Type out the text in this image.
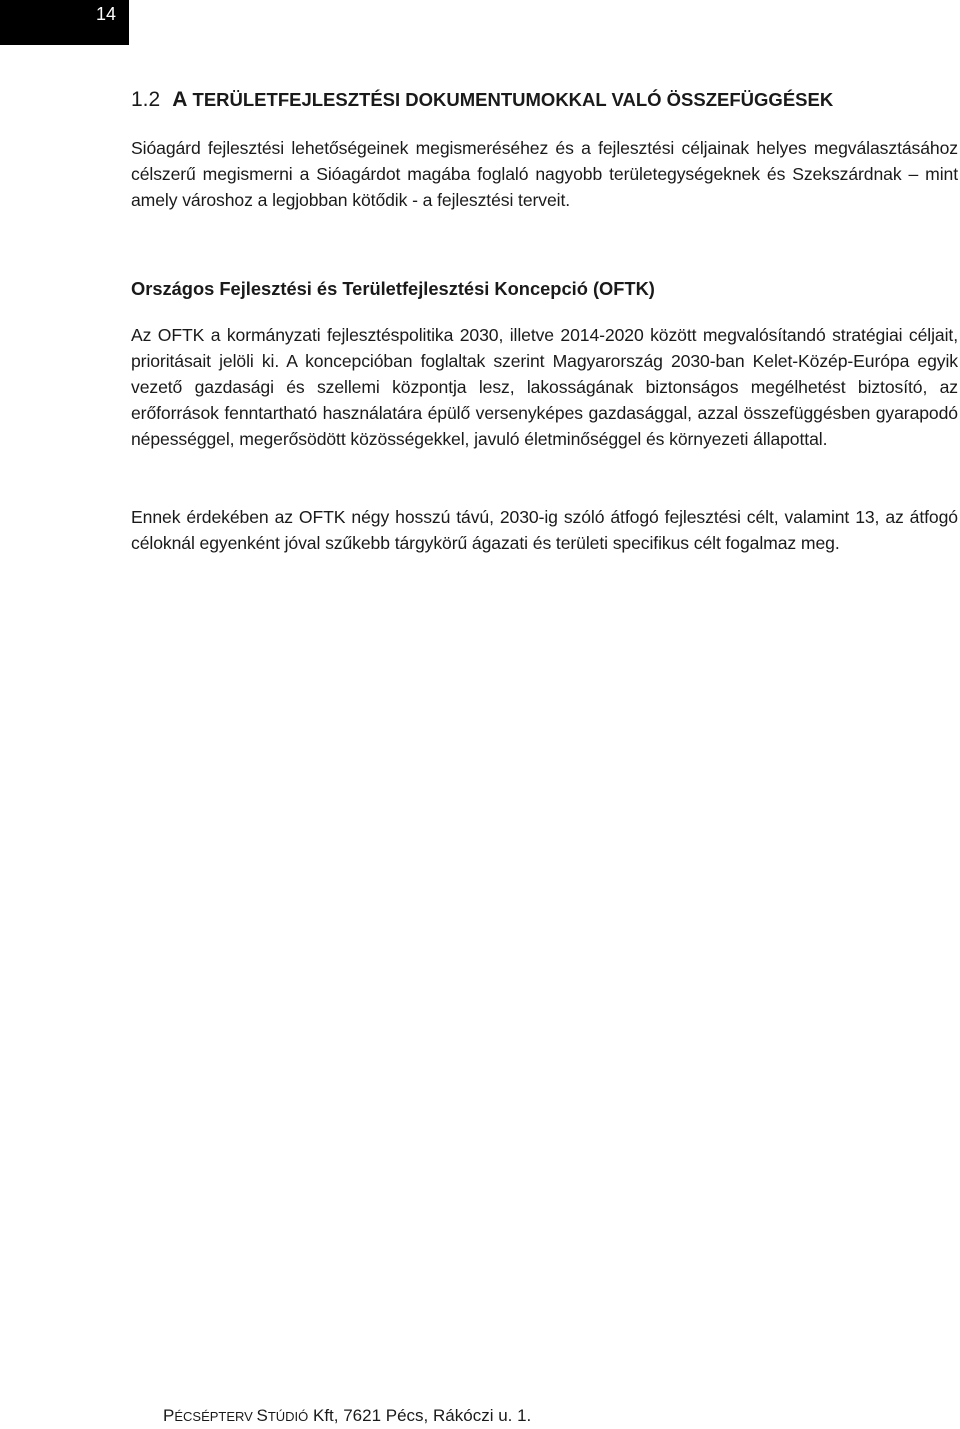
14
1.2 A TERÜLETFEJLESZTÉSI DOKUMENTUMOKKAL VALÓ ÖSSZEFÜGGÉSEK

Sióagárd fejlesztési lehetőségeinek megismeréséhez és a fejlesztési céljainak helyes megválasztásához célszerű megismerni a Sióagárdot magába foglaló nagyobb területegységeknek és Szekszárdnak – mint amely városhoz a legjobban kötődik - a fejlesztési terveit.

Országos Fejlesztési és Területfejlesztési Koncepció (OFTK)

Az OFTK a kormányzati fejlesztéspolitika 2030, illetve 2014-2020 között megvalósítandó stratégiai céljait, prioritásait jelöli ki. A koncepcióban foglaltak szerint Magyarország 2030-ban Kelet-Közép-Európa egyik vezető gazdasági és szellemi központja lesz, lakosságának biztonságos megélhetést biztosító, az erőforrások fenntartható használatára épülő versenyképes gazdasággal, azzal összefüggésben gyarapodó népességgel, megerősödött közösségekkel, javuló életminőséggel és környezeti állapottal.

Ennek érdekében az OFTK négy hosszú távú, 2030-ig szóló átfogó fejlesztési célt, valamint 13, az átfogó céloknál egyenként jóval szűkebb tárgykörű ágazati és területi specifikus célt fogalmaz meg.

PÉCSÉPTERV STÚDIÓ Kft, 7621 Pécs, Rákóczi u. 1.
